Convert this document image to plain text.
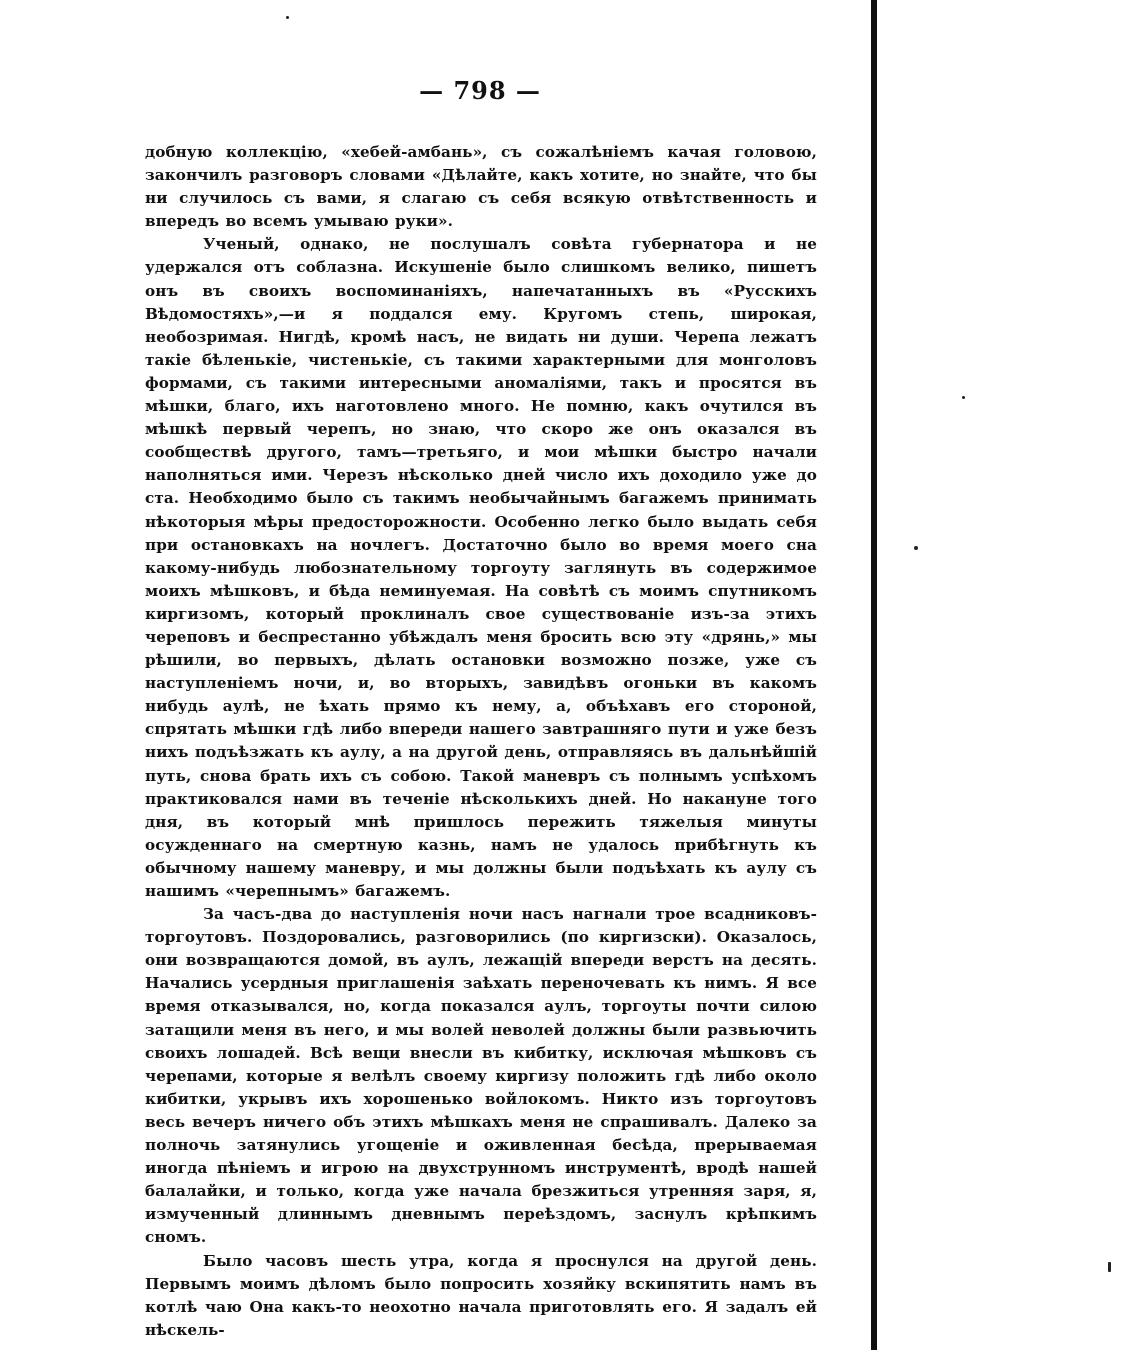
— 798 —

добную коллекцію, «хебей-амбань», съ сожалѣніемъ качая головою, закончилъ разговоръ словами «Дѣлайте, какъ хотите, но знайте, что бы ни случилось съ вами, я слагаю съ себя всякую отвѣтственность и впередъ во всемъ умываю руки».

Ученый, однако, не послушалъ совѣта губернатора и не удержался отъ соблазна. Искушеніе было слишкомъ велико, пишетъ онъ въ своихъ воспоминаніяхъ, напечатанныхъ въ «Русскихъ Вѣдомостяхъ»,—и я поддался ему. Кругомъ степь, широкая, необозримая. Нигдѣ, кромѣ насъ, не видать ни души. Черепа лежатъ такіе бѣленькіе, чистенькіе, съ такими характерными для монголовъ формами, съ такими интересными аномаліями, такъ и просятся въ мѣшки, благо, ихъ наготовлено много. Не помню, какъ очутился въ мѣшкѣ первый черепъ, но знаю, что скоро же онъ оказался въ сообществѣ другого, тамъ—третьяго, и мои мѣшки быстро начали наполняться ими. Черезъ нѣсколько дней число ихъ доходило уже до ста. Необходимо было съ такимъ необычайнымъ багажемъ принимать нѣкоторыя мѣры предосторожности. Особенно легко было выдать себя при остановкахъ на ночлегъ. Достаточно было во время моего сна какому-нибудь любознательному торгоуту заглянуть въ содержимое моихъ мѣшковъ, и бѣда неминуемая. На совѣтѣ съ моимъ спутникомъ киргизомъ, который проклиналъ свое существованіе изъ-за этихъ череповъ и беспрестанно убѣждалъ меня бросить всю эту «дрянь,» мы рѣшили, во первыхъ, дѣлать остановки возможно позже, уже съ наступленіемъ ночи, и, во вторыхъ, завидѣвъ огоньки въ какомъ нибудь аулѣ, не ѣхать прямо къ нему, а, объѣхавъ его стороной, спрятать мѣшки гдѣ либо впереди нашего завтрашняго пути и уже безъ нихъ подъѣзжать къ аулу, а на другой день, отправляясь въ дальнѣйшій путь, снова брать ихъ съ собою. Такой маневръ съ полнымъ успѣхомъ практиковался нами въ теченіе нѣсколькихъ дней. Но накануне того дня, въ который мнѣ пришлось пережить тяжелыя минуты осужденнаго на смертную казнь, намъ не удалось прибѣгнуть къ обычному нашему маневру, и мы должны были подъѣхать къ аулу съ нашимъ «черепнымъ» багажемъ.

За часъ-два до наступленія ночи насъ нагнали трое всадниковъ-торгоутовъ. Поздоровались, разговорились (по киргизски). Оказалось, они возвращаются домой, въ аулъ, лежащій впереди верстъ на десять. Начались усердныя приглашенія заѣхать переночевать къ нимъ. Я все время отказывался, но, когда показался аулъ, торгоуты почти силою затащили меня въ него, и мы волей неволей должны были развьючить своихъ лошадей. Всѣ вещи внесли въ кибитку, исключая мѣшковъ съ черепами, которые я велѣлъ своему киргизу положить гдѣ либо около кибитки, укрывъ ихъ хорошенько войлокомъ. Никто изъ торгоутовъ весь вечеръ ничего объ этихъ мѣшкахъ меня не спрашивалъ. Далеко за полночь затянулись угощеніе и оживленная бесѣда, прерываемая иногда пѣніемъ и игрою на двухструнномъ инструментѣ, вродѣ нашей балалайки, и только, когда уже начала брезжиться утренняя заря, я, измученный длиннымъ дневнымъ переѣздомъ, заснулъ крѣпкимъ сномъ.

Было часовъ шесть утра, когда я проснулся на другой день. Первымъ моимъ дѣломъ было попросить хозяйку вскипятить намъ въ котлѣ чаю Она какъ-то неохотно начала приготовлять его. Я задалъ ей нѣскель-
